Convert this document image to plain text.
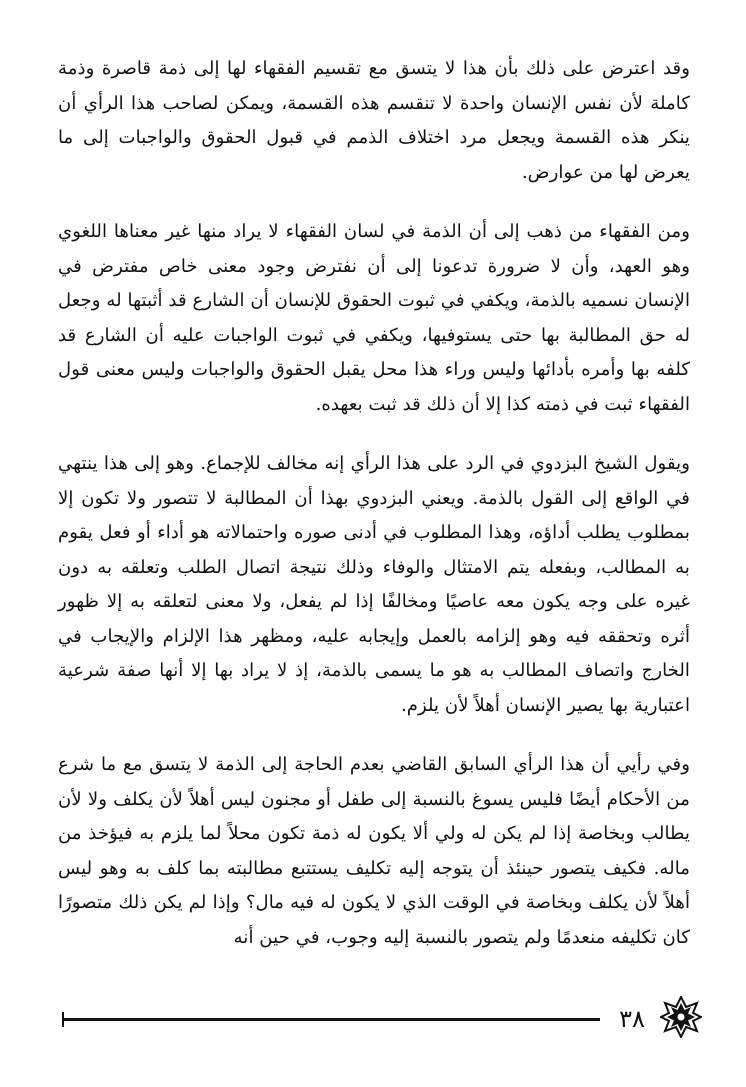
وقد اعترض على ذلك بأن هذا لا يتسق مع تقسيم الفقهاء لها إلى ذمة قاصرة وذمة كاملة لأن نفس الإنسان واحدة لا تنقسم هذه القسمة، ويمكن لصاحب هذا الرأي أن ينكر هذه القسمة ويجعل مرد اختلاف الذمم في قبول الحقوق والواجبات إلى ما يعرض لها من عوارض.

ومن الفقهاء من ذهب إلى أن الذمة في لسان الفقهاء لا يراد منها غير معناها اللغوي وهو العهد، وأن لا ضرورة تدعونا إلى أن نفترض وجود معنى خاص مفترض في الإنسان نسميه بالذمة، ويكفي في ثبوت الحقوق للإنسان أن الشارع قد أثبتها له وجعل له حق المطالبة بها حتى يستوفيها، ويكفي في ثبوت الواجبات عليه أن الشارع قد كلفه بها وأمره بأدائها وليس وراء هذا محل يقبل الحقوق والواجبات وليس معنى قول الفقهاء ثبت في ذمته كذا إلا أن ذلك قد ثبت بعهده.

ويقول الشيخ البزدوي في الرد على هذا الرأي إنه مخالف للإجماع. وهو إلى هذا ينتهي في الواقع إلى القول بالذمة. ويعني البزدوي بهذا أن المطالبة لا تتصور ولا تكون إلا بمطلوب يطلب أداؤه، وهذا المطلوب في أدنى صوره واحتمالاته هو أداء أو فعل يقوم به المطالب، وبفعله يتم الامتثال والوفاء وذلك نتيجة اتصال الطلب وتعلقه به دون غيره على وجه يكون معه عاصيًا ومخالفًا إذا لم يفعل، ولا معنى لتعلقه به إلا ظهور أثره وتحققه فيه وهو إلزامه بالعمل وإيجابه عليه، ومظهر هذا الإلزام والإيجاب في الخارج واتصاف المطالب به هو ما يسمى بالذمة، إذ لا يراد بها إلا أنها صفة شرعية اعتبارية بها يصير الإنسان أهلاً لأن يلزم.

وفي رأيي أن هذا الرأي السابق القاضي بعدم الحاجة إلى الذمة لا يتسق مع ما شرع من الأحكام أيضًا فليس يسوغ بالنسبة إلى طفل أو مجنون ليس أهلاً لأن يكلف ولا لأن يطالب وبخاصة إذا لم يكن له ولي ألا يكون له ذمة تكون محلاً لما يلزم به فيؤخذ من ماله. فكيف يتصور حينئذ أن يتوجه إليه تكليف يستتبع مطالبته بما كلف به وهو ليس أهلاً لأن يكلف وبخاصة في الوقت الذي لا يكون له فيه مال؟ وإذا لم يكن ذلك متصورًا كان تكليفه منعدمًا ولم يتصور بالنسبة إليه وجوب، في حين أنه

٣٨
